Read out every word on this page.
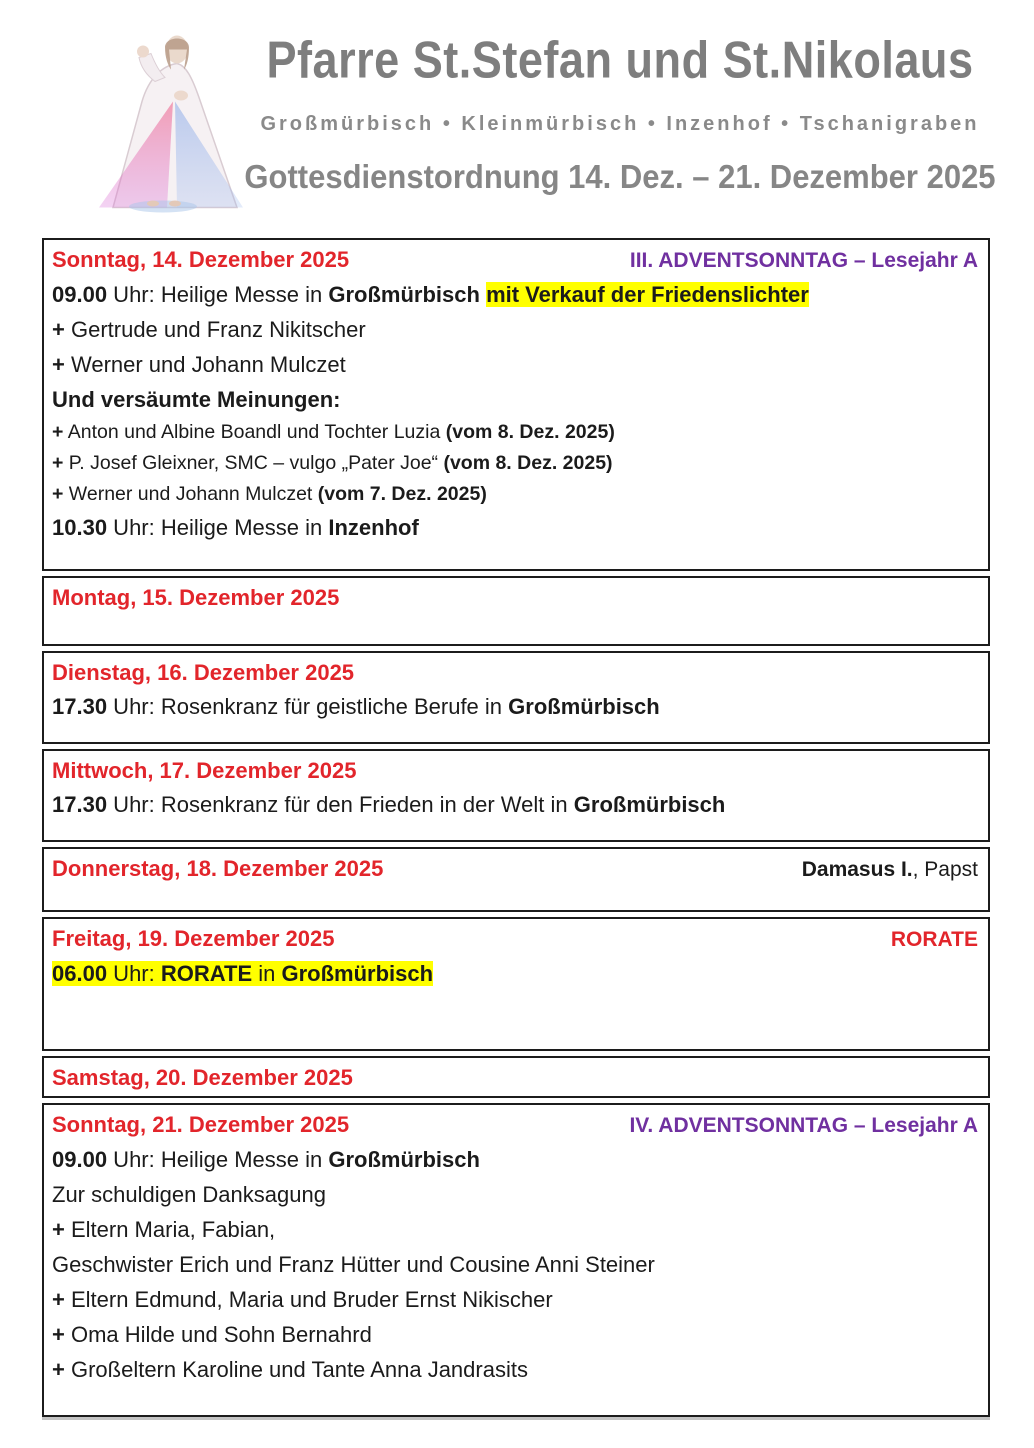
Pfarre St.Stefan und St.Nikolaus
Großmürbisch • Kleinmürbisch • Inzenhof • Tschanigraben
Gottesdienstordnung 14. Dez. – 21. Dezember 2025
Sonntag, 14. Dezember 2025	III. ADVENTSONNTAG – Lesejahr A
09.00 Uhr: Heilige Messe in Großmürbisch mit Verkauf der Friedenslichter
+ Gertrude und Franz Nikitscher
+ Werner und Johann Mulczet
Und versäumte Meinungen:
+ Anton und Albine Boandl und Tochter Luzia (vom 8. Dez. 2025)
+ P. Josef Gleixner, SMC – vulgo „Pater Joe“ (vom 8. Dez. 2025)
+ Werner und Johann Mulczet (vom 7. Dez. 2025)
10.30 Uhr: Heilige Messe in Inzenhof
Montag, 15. Dezember 2025
Dienstag, 16. Dezember 2025
17.30 Uhr: Rosenkranz für geistliche Berufe in Großmürbisch
Mittwoch, 17. Dezember 2025
17.30 Uhr: Rosenkranz für den Frieden in der Welt in Großmürbisch
Donnerstag, 18. Dezember 2025	Damasus I., Papst
Freitag, 19. Dezember 2025	RORATE
06.00 Uhr: RORATE in Großmürbisch
Samstag, 20. Dezember 2025
Sonntag, 21. Dezember 2025	IV. ADVENTSONNTAG – Lesejahr A
09.00 Uhr: Heilige Messe in Großmürbisch
Zur schuldigen Danksagung
+ Eltern Maria, Fabian,
Geschwister Erich und Franz Hütter und Cousine Anni Steiner
+ Eltern Edmund, Maria und Bruder Ernst Nikischer
+ Oma Hilde und Sohn Bernahrd
+ Großeltern Karoline und Tante Anna Jandrasits
